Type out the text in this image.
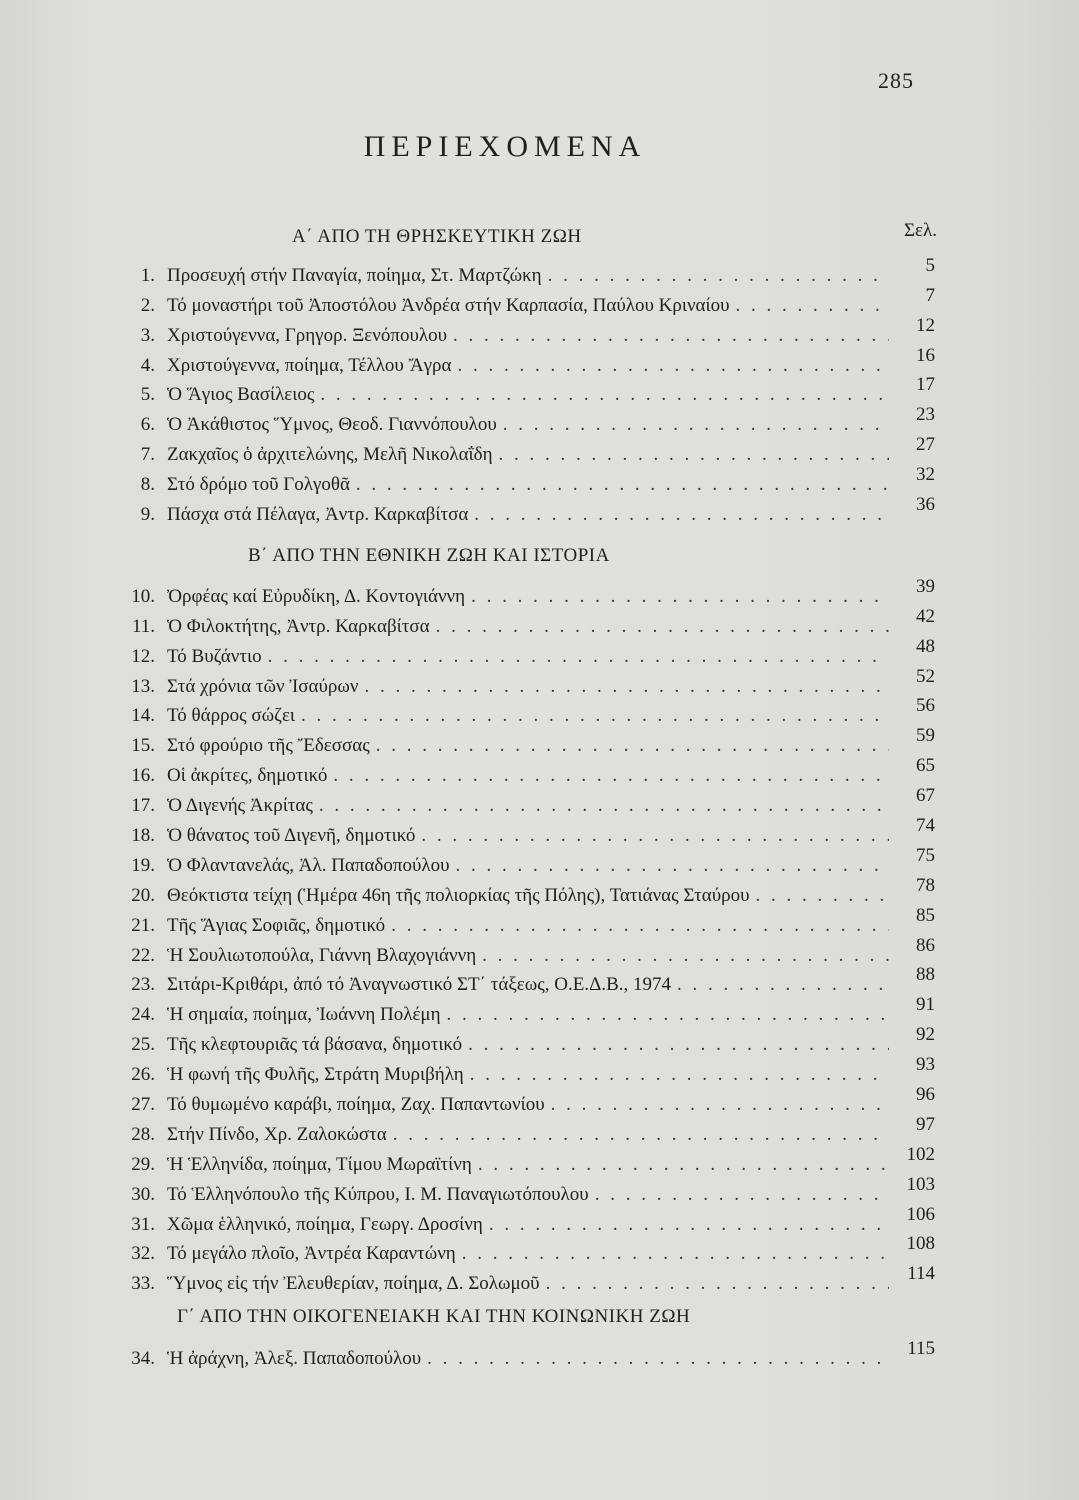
285
ΠΕΡΙΕΧΟΜΕΝΑ
Α΄ ΑΠΟ ΤΗ ΘΡΗΣΚΕΥΤΙΚΗ ΖΩΗ	Σελ.
1. Προσευχή στήν Παναγία, ποίημα, Στ. Μαρτζώκη . . .	5
2. Τό μοναστήρι τοῦ Ἀποστόλου Ἀνδρέα στήν Καρπασία, Παύλου Κριναίου . . .	7
3. Χριστούγεννα, Γρηγορ. Ξενόπουλου . . .	12
4. Χριστούγεννα, ποίημα, Τέλλου Ἄγρα . . .	16
5. Ὁ Ἅγιος Βασίλειος . . .	17
6. Ὁ Ἀκάθιστος Ὕμνος, Θεοδ. Γιαννόπουλου . . .	23
7. Ζακχαῖος ὁ ἀρχιτελώνης, Μελῆ Νικολαΐδη . . .	27
8. Στό δρόμο τοῦ Γολγοθᾶ . . .	32
9. Πάσχα στά Πέλαγα, Ἀντρ. Καρκαβίτσα . . .	36
Β΄ ΑΠΟ ΤΗΝ ΕΘΝΙΚΗ ΖΩΗ ΚΑΙ ΙΣΤΟΡΙΑ
10. Ὀρφέας καί Εὐρυδίκη, Δ. Κοντογιάννη . . .	39
11. Ὁ Φιλοκτήτης, Ἀντρ. Καρκαβίτσα . . .	42
12. Τό Βυζάντιο . . .	48
13. Στά χρόνια τῶν Ἰσαύρων . . .	52
14. Τό θάρρος σώζει . . .	56
15. Στό φρούριο τῆς Ἔδεσσας . . .	59
16. Οἱ ἀκρίτες, δημοτικό . . .	65
17. Ὁ Διγενής Ἀκρίτας . . .	67
18. Ὁ θάνατος τοῦ Διγενῆ, δημοτικό . . .	74
19. Ὁ Φλαντανελάς, Ἀλ. Παπαδοπούλου . . .	75
20. Θεόκτιστα τείχη (Ἡμέρα 46η τῆς πολιορκίας τῆς Πόλης), Τατιάνας Σταύρου . . .	78
21. Τῆς Ἅγιας Σοφιᾶς, δημοτικό . . .	85
22. Ἡ Σουλιωτοπούλα, Γιάννη Βλαχογιάννη . . .	86
23. Σιτάρι-Κριθάρι, ἀπό τό Ἀναγνωστικό ΣΤ΄ τάξεως, Ο.Ε.Δ.Β., 1974 . . .	88
24. Ἡ σημαία, ποίημα, Ἰωάννη Πολέμη . . .	91
25. Τῆς κλεφτουριᾶς τά βάσανα, δημοτικό . . .	92
26. Ἡ φωνή τῆς Φυλῆς, Στράτη Μυριβήλη . . .	93
27. Τό θυμωμένο καράβι, ποίημα, Ζαχ. Παπαντωνίου . . .	96
28. Στήν Πίνδο, Χρ. Ζαλοκώστα . . .	97
29. Ἡ Ἑλληνίδα, ποίημα, Τίμου Μωραϊτίνη . . .	102
30. Τό Ἑλληνόπουλο τῆς Κύπρου, Ι. Μ. Παναγιωτόπουλου . . .	103
31. Χῶμα ἑλληνικό, ποίημα, Γεωργ. Δροσίνη . . .	106
32. Τό μεγάλο πλοῖο, Ἀντρέα Καραντώνη . . .	108
33. Ὕμνος εἰς τήν Ἐλευθερίαν, ποίημα, Δ. Σολωμοῦ . . .	114
Γ΄ ΑΠΟ ΤΗΝ ΟΙΚΟΓΕΝΕΙΑΚΗ ΚΑΙ ΤΗΝ ΚΟΙΝΩΝΙΚΗ ΖΩΗ
34. Ἡ ἀράχνη, Ἀλεξ. Παπαδοπούλου . . .	115
